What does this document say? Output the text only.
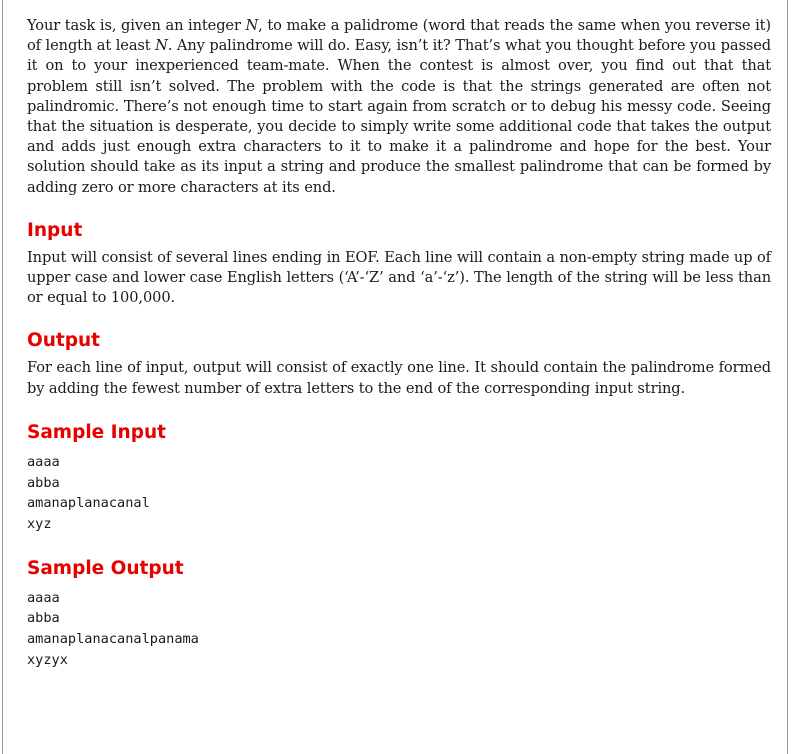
Your task is, given an integer N, to make a palidrome (word that reads the same when you reverse it) of length at least N. Any palindrome will do. Easy, isn’t it? That’s what you thought before you passed it on to your inexperienced team-mate. When the contest is almost over, you find out that that problem still isn’t solved. The problem with the code is that the strings generated are often not palindromic. There’s not enough time to start again from scratch or to debug his messy code. Seeing that the situation is desperate, you decide to simply write some additional code that takes the output and adds just enough extra characters to it to make it a palindrome and hope for the best. Your solution should take as its input a string and produce the smallest palindrome that can be formed by adding zero or more characters at its end.

Input

Input will consist of several lines ending in EOF. Each line will contain a non-empty string made up of upper case and lower case English letters (‘A’-‘Z’ and ‘a’-‘z’). The length of the string will be less than or equal to 100,000.

Output

For each line of input, output will consist of exactly one line. It should contain the palindrome formed by adding the fewest number of extra letters to the end of the corresponding input string.

Sample Input
aaaa
abba
amanaplanacanal
xyz
Sample Output
aaaa
abba
amanaplanacanalpanama
xyzyx
